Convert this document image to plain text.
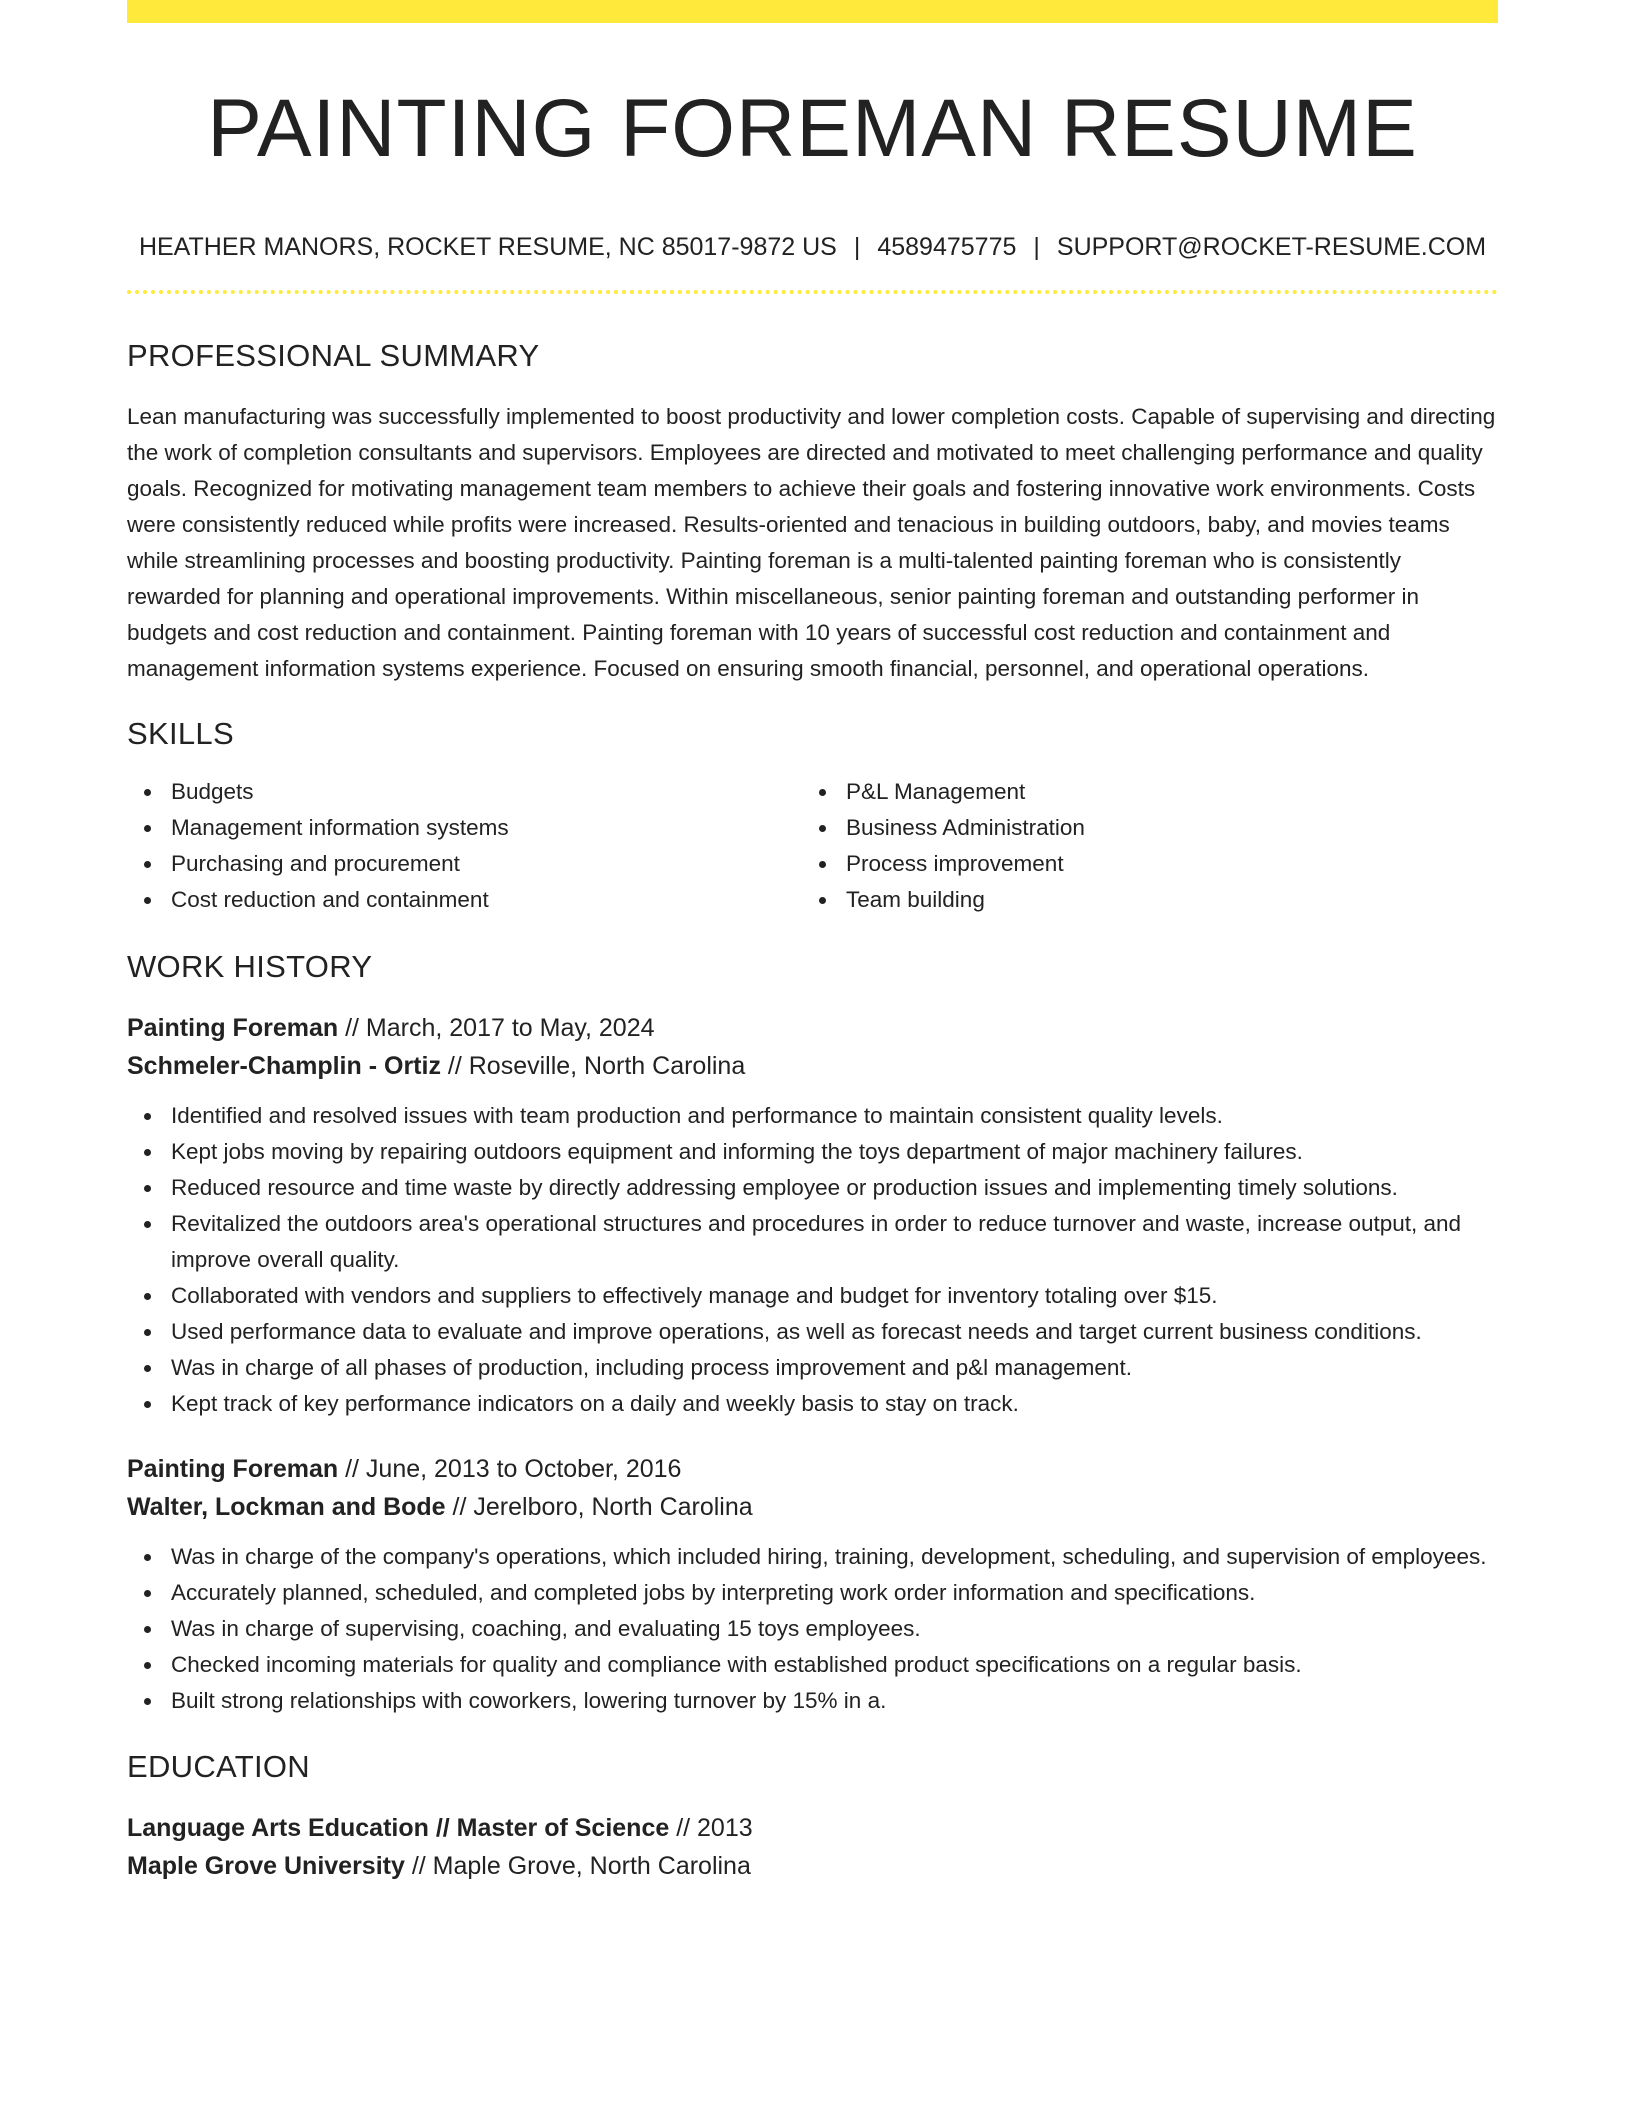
PAINTING FOREMAN RESUME
HEATHER MANORS, ROCKET RESUME, NC 85017-9872 US | 4589475775 | SUPPORT@ROCKET-RESUME.COM
PROFESSIONAL SUMMARY

Lean manufacturing was successfully implemented to boost productivity and lower completion costs. Capable of supervising and directing the work of completion consultants and supervisors. Employees are directed and motivated to meet challenging performance and quality goals. Recognized for motivating management team members to achieve their goals and fostering innovative work environments. Costs were consistently reduced while profits were increased. Results-oriented and tenacious in building outdoors, baby, and movies teams while streamlining processes and boosting productivity. Painting foreman is a multi-talented painting foreman who is consistently rewarded for planning and operational improvements. Within miscellaneous, senior painting foreman and outstanding performer in budgets and cost reduction and containment. Painting foreman with 10 years of successful cost reduction and containment and management information systems experience. Focused on ensuring smooth financial, personnel, and operational operations.

SKILLS
Budgets
Management information systems
Purchasing and procurement
Cost reduction and containment
P&L Management
Business Administration
Process improvement
Team building
WORK HISTORY
Painting Foreman // March, 2017 to May, 2024
Schmeler-Champlin - Ortiz // Roseville, North Carolina
Identified and resolved issues with team production and performance to maintain consistent quality levels.
Kept jobs moving by repairing outdoors equipment and informing the toys department of major machinery failures.
Reduced resource and time waste by directly addressing employee or production issues and implementing timely solutions.
Revitalized the outdoors area's operational structures and procedures in order to reduce turnover and waste, increase output, and improve overall quality.
Collaborated with vendors and suppliers to effectively manage and budget for inventory totaling over $15.
Used performance data to evaluate and improve operations, as well as forecast needs and target current business conditions.
Was in charge of all phases of production, including process improvement and p&l management.
Kept track of key performance indicators on a daily and weekly basis to stay on track.
Painting Foreman // June, 2013 to October, 2016
Walter, Lockman and Bode // Jerelboro, North Carolina
Was in charge of the company's operations, which included hiring, training, development, scheduling, and supervision of employees.
Accurately planned, scheduled, and completed jobs by interpreting work order information and specifications.
Was in charge of supervising, coaching, and evaluating 15 toys employees.
Checked incoming materials for quality and compliance with established product specifications on a regular basis.
Built strong relationships with coworkers, lowering turnover by 15% in a.
EDUCATION
Language Arts Education // Master of Science // 2013
Maple Grove University // Maple Grove, North Carolina
